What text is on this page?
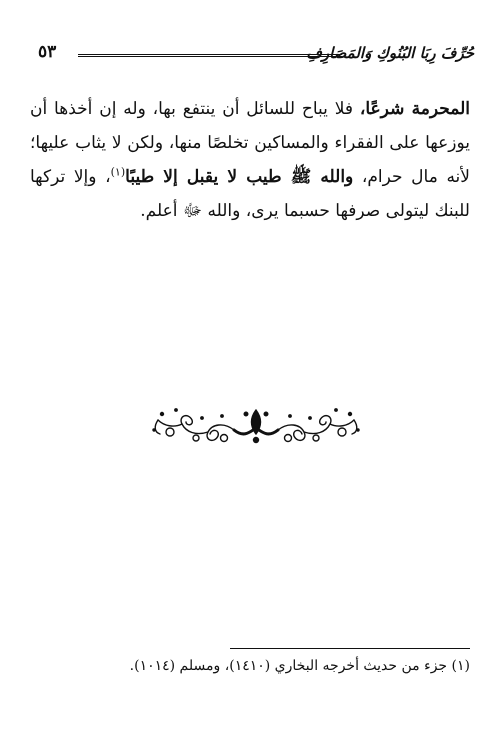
حُرِّفَ رِبَا البُنُوكِ وَالمَصَارِفِ
٥٣

المحرمة شرعًا، فلا يباح للسائل أن ينتفع بها، وله إن أخذها أن يوزعها على الفقراء والمساكين تخلصًا منها، ولكن لا يثاب عليها؛ لأنه مال حرام، والله ﷺ طيب لا يقبل إلا طيبًا$^{(١)}$، وإلا تركها للبنك ليتولى صرفها حسبما يرى، والله ﷻ أعلم.

(١) جزء من حديث أخرجه البخاري (١٤١٠)، ومسلم (١٠١٤).
